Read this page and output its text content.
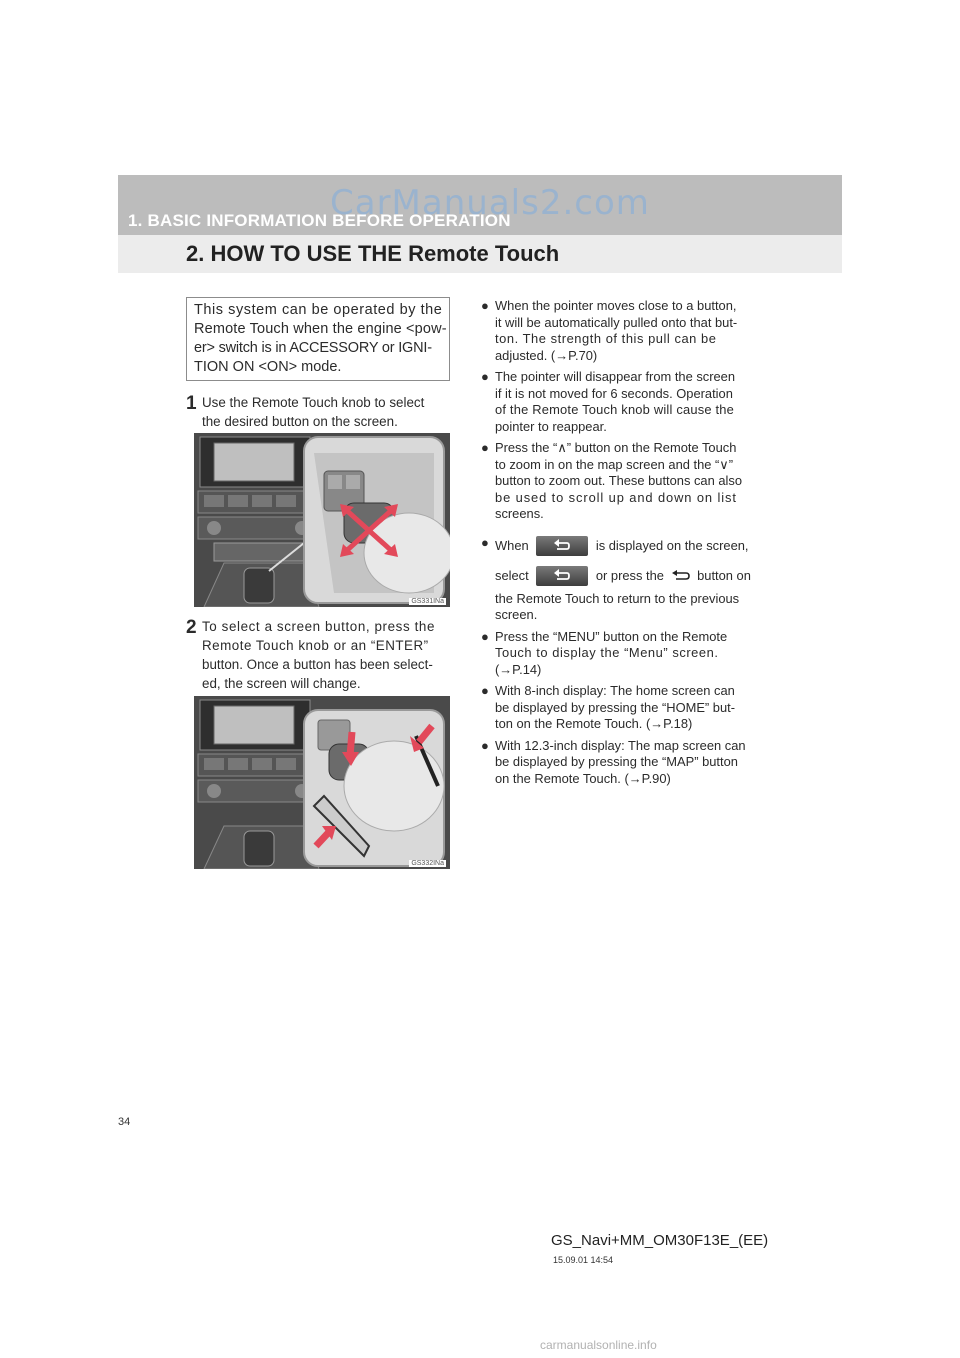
CarManuals2.com
1. BASIC INFORMATION BEFORE OPERATION
2. HOW TO USE THE Remote Touch
This system can be operated by the
Remote Touch when the engine <pow-
er> switch is in ACCESSORY or IGNI-
TION ON <ON> mode.
1 Use the Remote Touch knob to select
the desired button on the screen.
GS331INa
2 To select a screen button, press the
Remote Touch knob or an “ENTER”
button. Once a button has been select-
ed, the screen will change.
GS332INa
● When the pointer moves close to a button,
it will be automatically pulled onto that but-
ton. The strength of this pull can be
adjusted. (→P.70)
● The pointer will disappear from the screen
if it is not moved for 6 seconds. Operation
of the Remote Touch knob will cause the
pointer to reappear.
● Press the “∧” button on the Remote Touch
to zoom in on the map screen and the “∨”
button to zoom out. These buttons can also
be used to scroll up and down on list
screens.
● When	is displayed on the screen,
select	or press the	button on
the Remote Touch to return to the previous
screen.
● Press the “MENU” button on the Remote
Touch to display the “Menu” screen.
(→P.14)
● With 8-inch display: The home screen can
be displayed by pressing the “HOME” but-
ton on the Remote Touch. (→P.18)
● With 12.3-inch display: The map screen can
be displayed by pressing the “MAP” button
on the Remote Touch. (→P.90)
34
GS_Navi+MM_OM30F13E_(EE)
15.09.01 14:54
carmanualsonline.info
